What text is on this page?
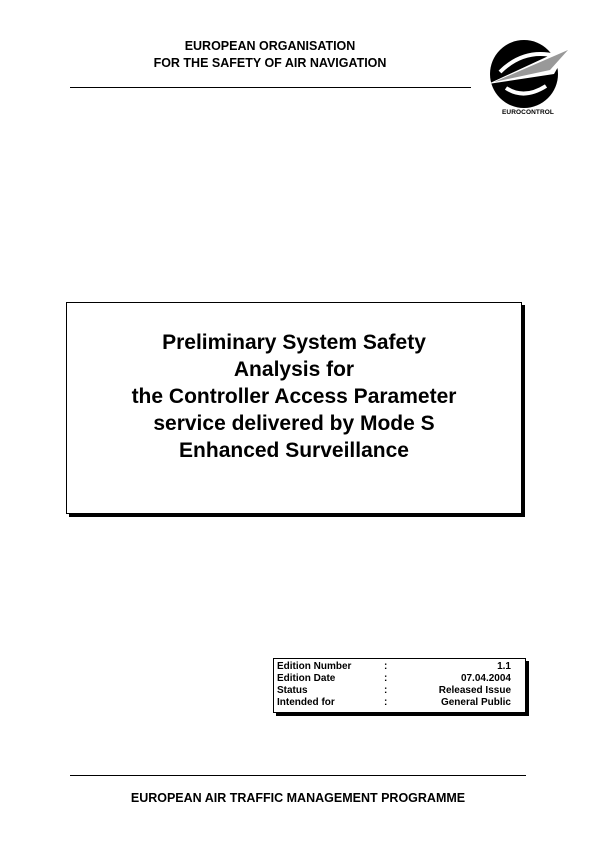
EUROPEAN ORGANISATION
FOR THE SAFETY OF AIR NAVIGATION
EUROCONTROL
Preliminary System Safety
Analysis for
the Controller Access Parameter
service delivered by Mode S
Enhanced Surveillance
Edition Number	:	1.1
Edition Date	:	07.04.2004
Status	:	Released Issue
Intended for	:	General Public
EUROPEAN AIR TRAFFIC MANAGEMENT PROGRAMME
